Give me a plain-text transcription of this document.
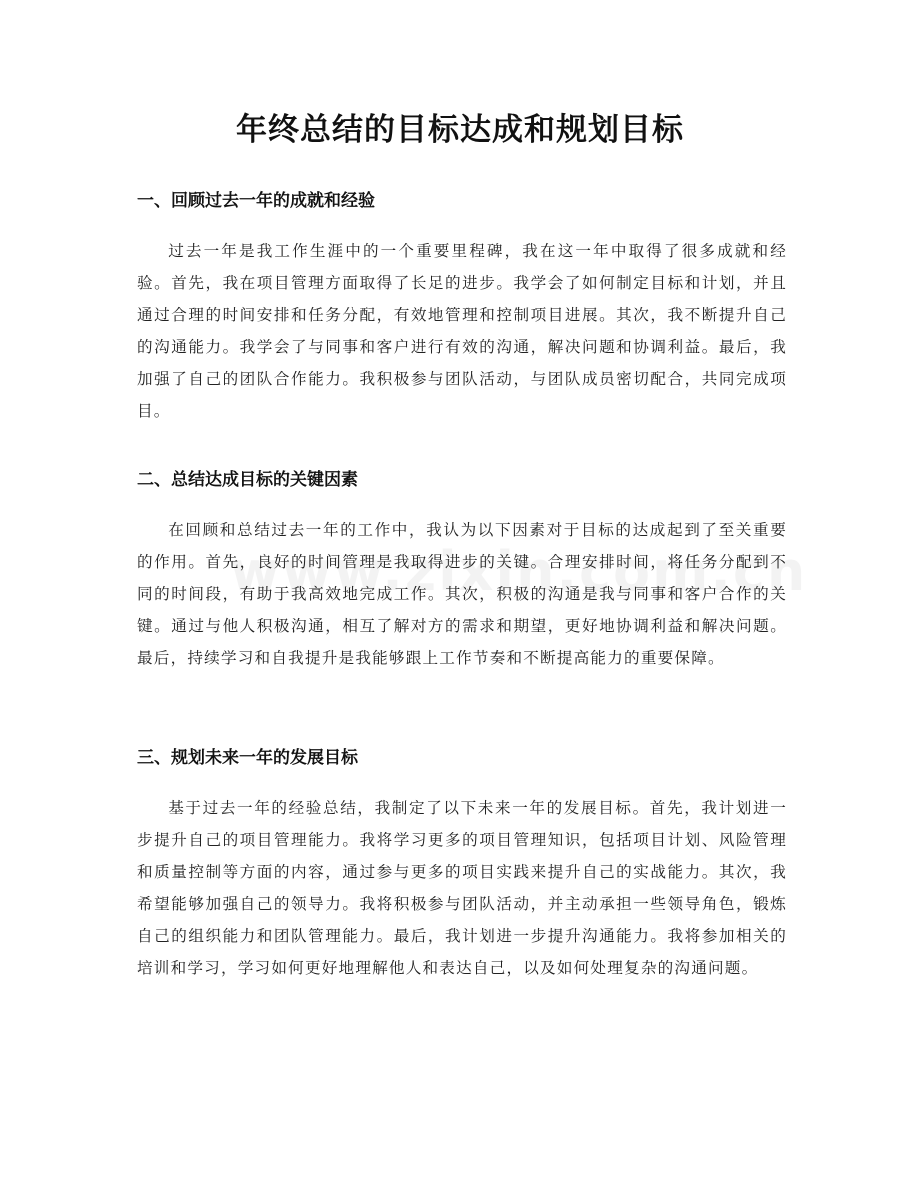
年终总结的目标达成和规划目标
一、回顾过去一年的成就和经验
过去一年是我工作生涯中的一个重要里程碑，我在这一年中取得了很多成就和经验。首先，我在项目管理方面取得了长足的进步。我学会了如何制定目标和计划，并且通过合理的时间安排和任务分配，有效地管理和控制项目进展。其次，我不断提升自己的沟通能力。我学会了与同事和客户进行有效的沟通，解决问题和协调利益。最后，我加强了自己的团队合作能力。我积极参与团队活动，与团队成员密切配合，共同完成项目。
二、总结达成目标的关键因素
在回顾和总结过去一年的工作中，我认为以下因素对于目标的达成起到了至关重要的作用。首先，良好的时间管理是我取得进步的关键。合理安排时间，将任务分配到不同的时间段，有助于我高效地完成工作。其次，积极的沟通是我与同事和客户合作的关键。通过与他人积极沟通，相互了解对方的需求和期望，更好地协调利益和解决问题。最后，持续学习和自我提升是我能够跟上工作节奏和不断提高能力的重要保障。
三、规划未来一年的发展目标
基于过去一年的经验总结，我制定了以下未来一年的发展目标。首先，我计划进一步提升自己的项目管理能力。我将学习更多的项目管理知识，包括项目计划、风险管理和质量控制等方面的内容，通过参与更多的项目实践来提升自己的实战能力。其次，我希望能够加强自己的领导力。我将积极参与团队活动，并主动承担一些领导角色，锻炼自己的组织能力和团队管理能力。最后，我计划进一步提升沟通能力。我将参加相关的培训和学习，学习如何更好地理解他人和表达自己，以及如何处理复杂的沟通问题。
